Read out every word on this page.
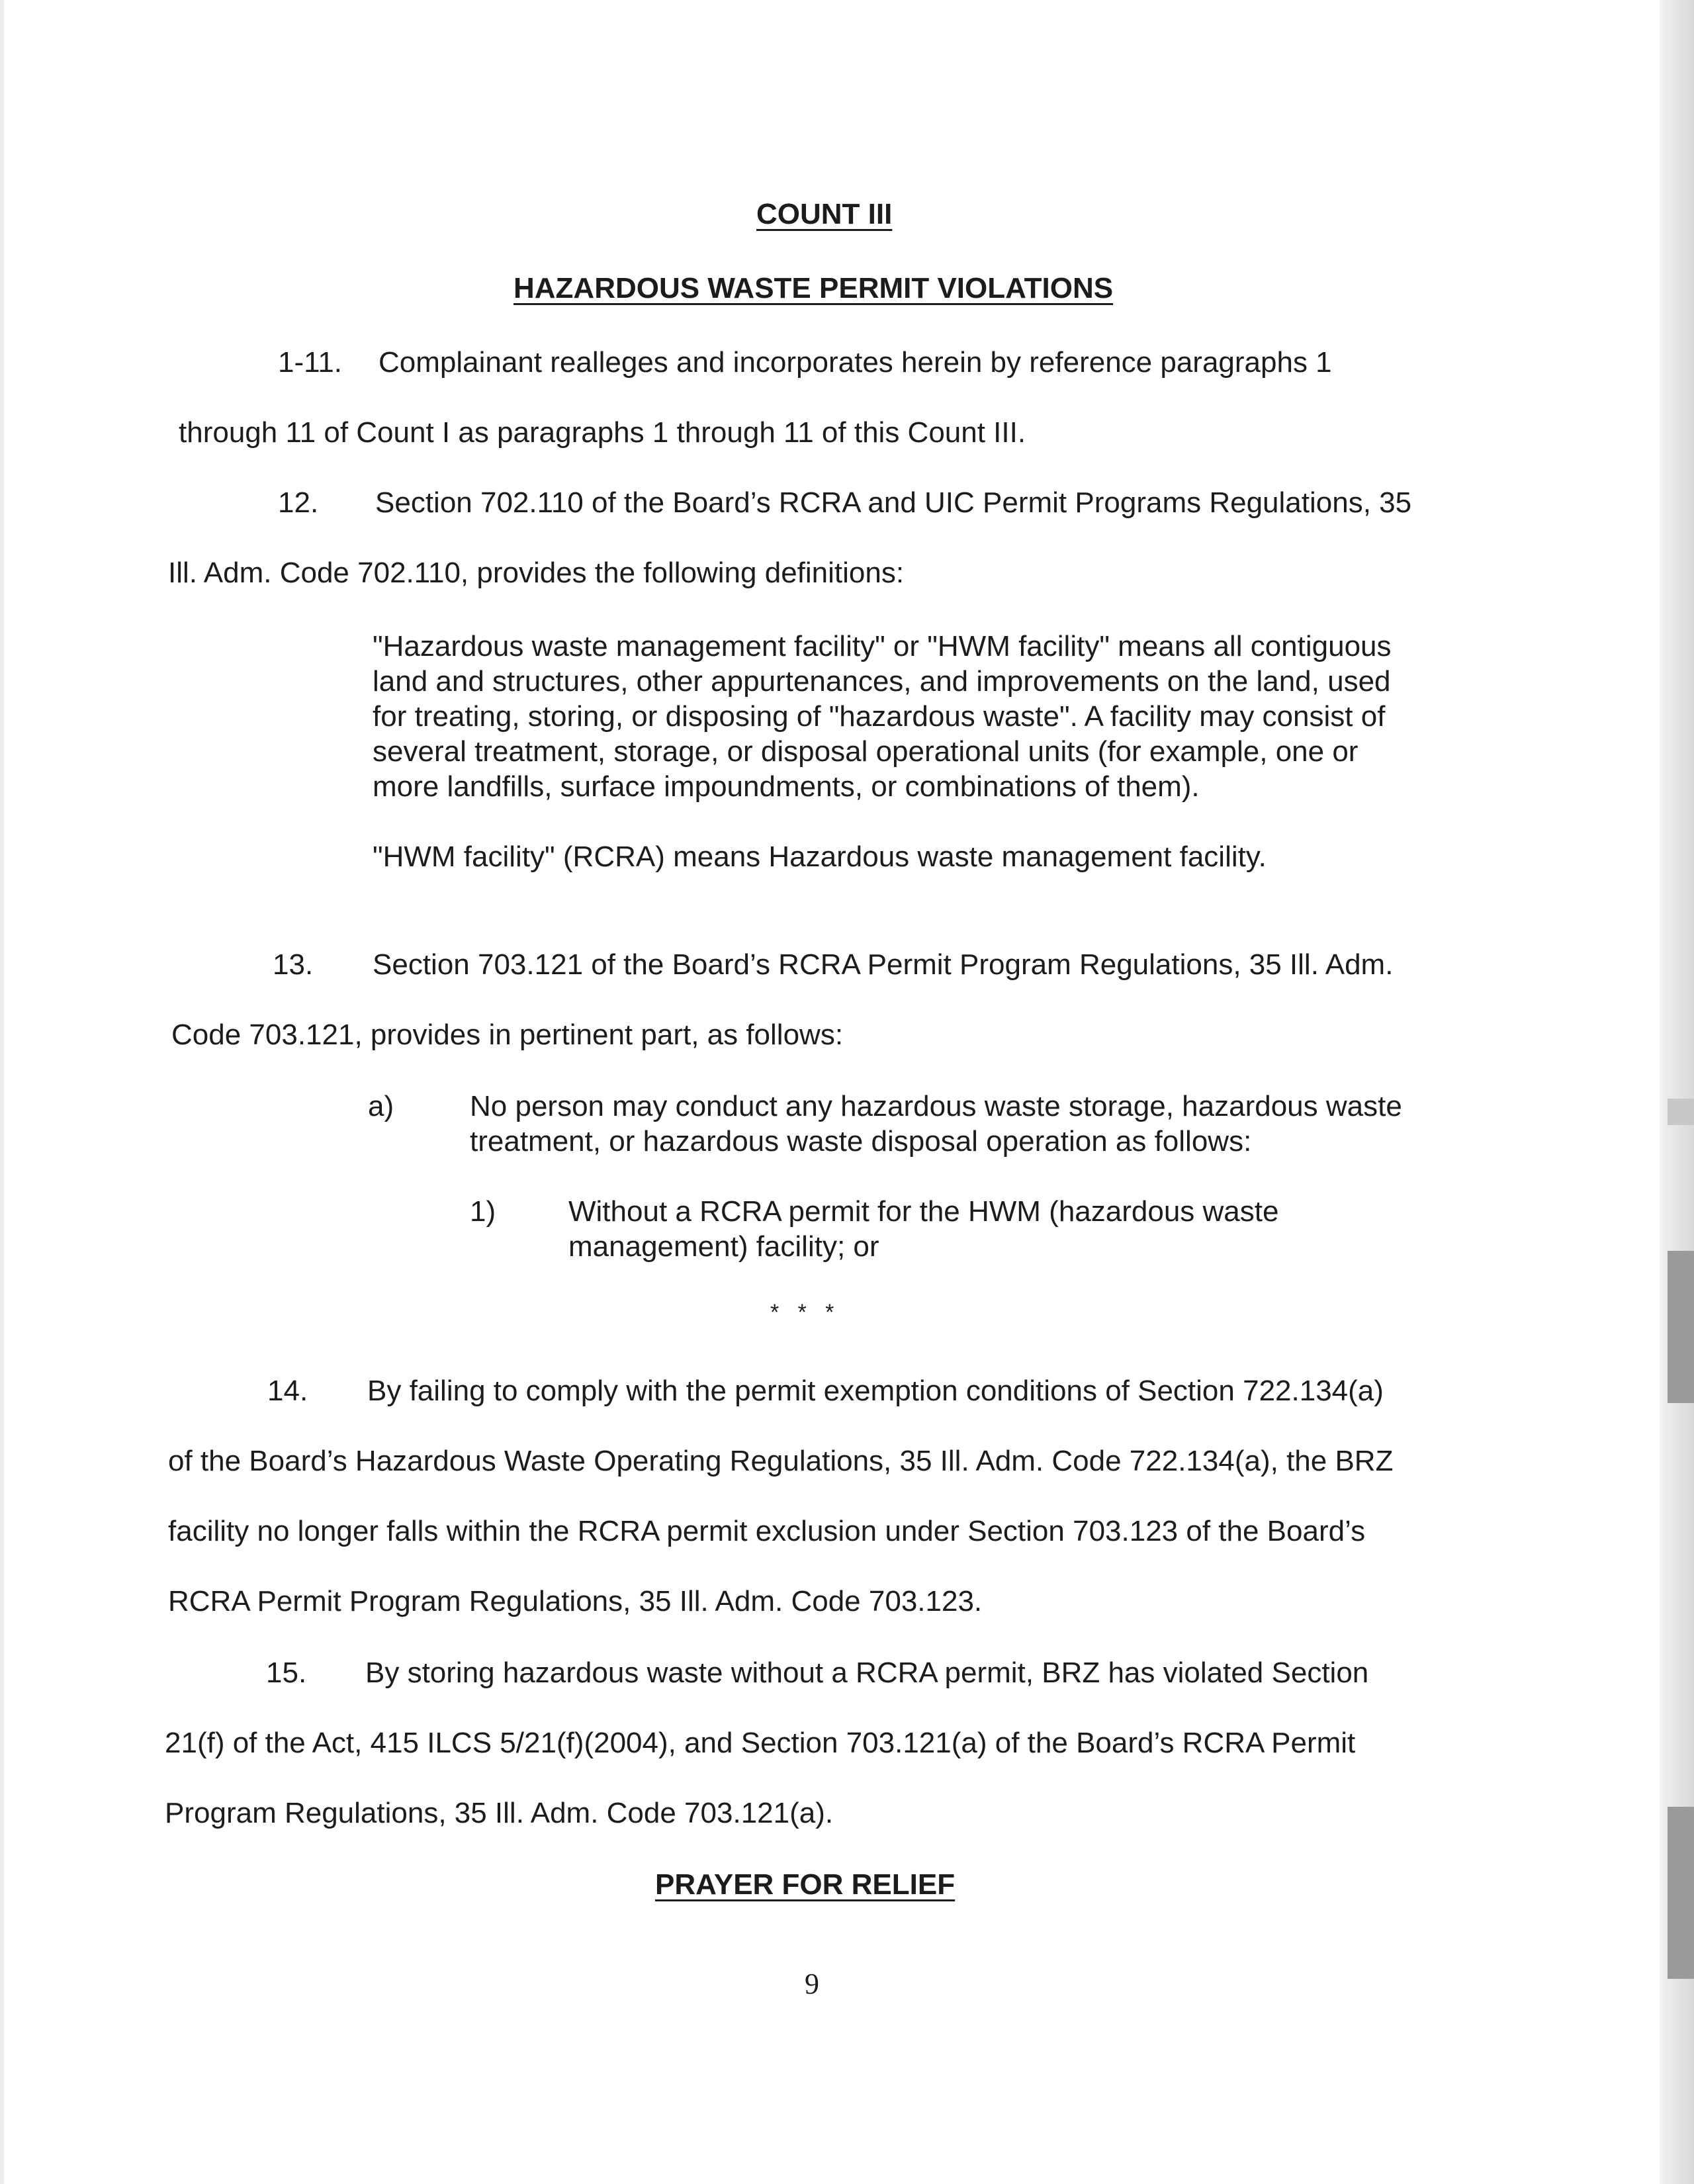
COUNT III
HAZARDOUS WASTE PERMIT VIOLATIONS
1-11. Complainant realleges and incorporates herein by reference paragraphs 1
through 11 of Count I as paragraphs 1 through 11 of this Count III.
12. Section 702.110 of the Board’s RCRA and UIC Permit Programs Regulations, 35
Ill. Adm. Code 702.110, provides the following definitions:
"Hazardous waste management facility" or "HWM facility" means all contiguous
land and structures, other appurtenances, and improvements on the land, used
for treating, storing, or disposing of "hazardous waste". A facility may consist of
several treatment, storage, or disposal operational units (for example, one or
more landfills, surface impoundments, or combinations of them).
"HWM facility" (RCRA) means Hazardous waste management facility.
13. Section 703.121 of the Board’s RCRA Permit Program Regulations, 35 Ill. Adm.
Code 703.121, provides in pertinent part, as follows:
a)	No person may conduct any hazardous waste storage, hazardous waste
treatment, or hazardous waste disposal operation as follows:
1) Without a RCRA permit for the HWM (hazardous waste
management) facility; or
*   *   *
14. By failing to comply with the permit exemption conditions of Section 722.134(a)
of the Board’s Hazardous Waste Operating Regulations, 35 Ill. Adm. Code 722.134(a), the BRZ
facility no longer falls within the RCRA permit exclusion under Section 703.123 of the Board’s
RCRA Permit Program Regulations, 35 Ill. Adm. Code 703.123.
15. By storing hazardous waste without a RCRA permit, BRZ has violated Section
21(f) of the Act, 415 ILCS 5/21(f)(2004), and Section 703.121(a) of the Board’s RCRA Permit
Program Regulations, 35 Ill. Adm. Code 703.121(a).
PRAYER FOR RELIEF
9
